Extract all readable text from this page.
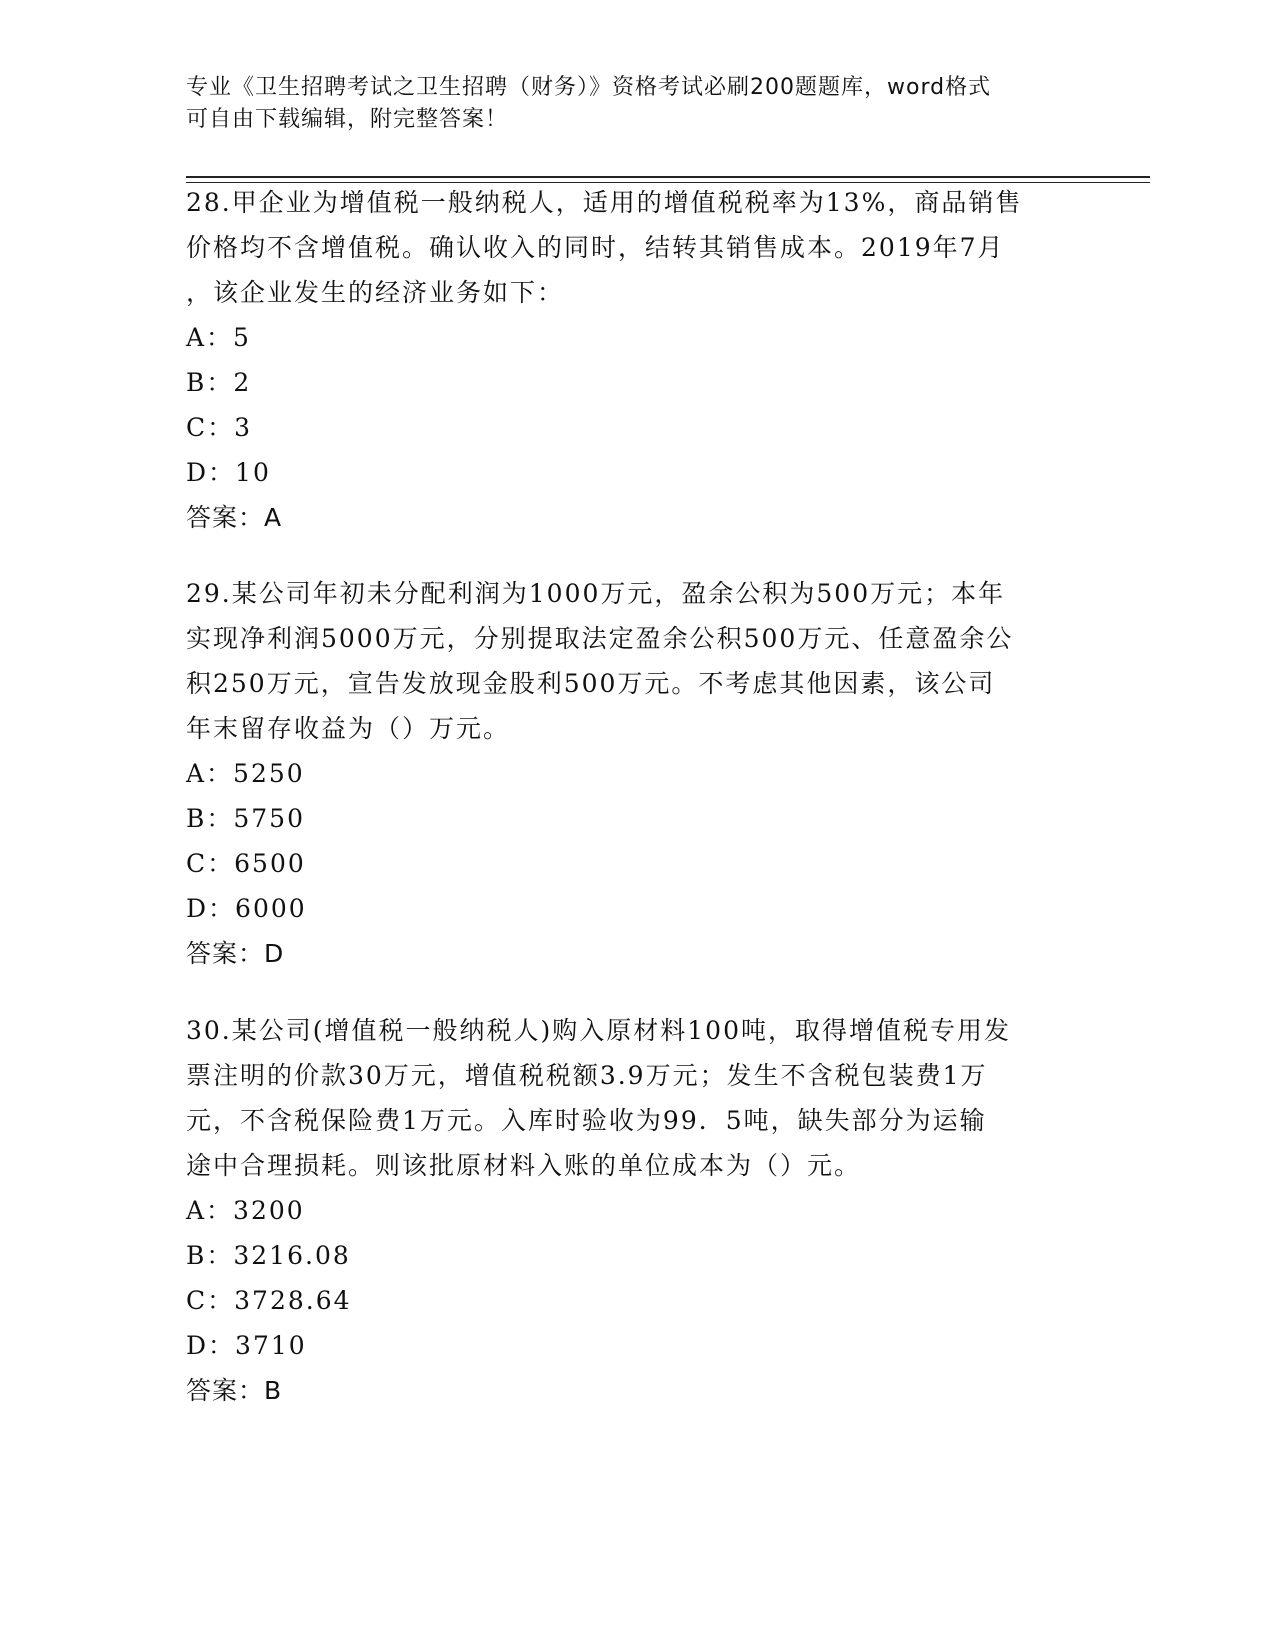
专业《卫生招聘考试之卫生招聘（财务）》资格考试必刷200题题库，word格式
可自由下载编辑，附完整答案！
28.甲企业为增值税一般纳税人，适用的增值税税率为13%，商品销售
价格均不含增值税。确认收入的同时，结转其销售成本。2019年7月
，该企业发生的经济业务如下：
A：5
B：2
C：3
D：10
答案：A
29.某公司年初未分配利润为1000万元，盈余公积为500万元；本年
实现净利润5000万元，分别提取法定盈余公积500万元、任意盈余公
积250万元，宣告发放现金股利500万元。不考虑其他因素，该公司
年末留存收益为（）万元。
A：5250
B：5750
C：6500
D：6000
答案：D
30.某公司(增值税一般纳税人)购入原材料100吨，取得增值税专用发
票注明的价款30万元，增值税税额3.9万元；发生不含税包装费1万
元，不含税保险费1万元。入库时验收为99．5吨，缺失部分为运输
途中合理损耗。则该批原材料入账的单位成本为（）元。
A：3200
B：3216.08
C：3728.64
D：3710
答案：B
